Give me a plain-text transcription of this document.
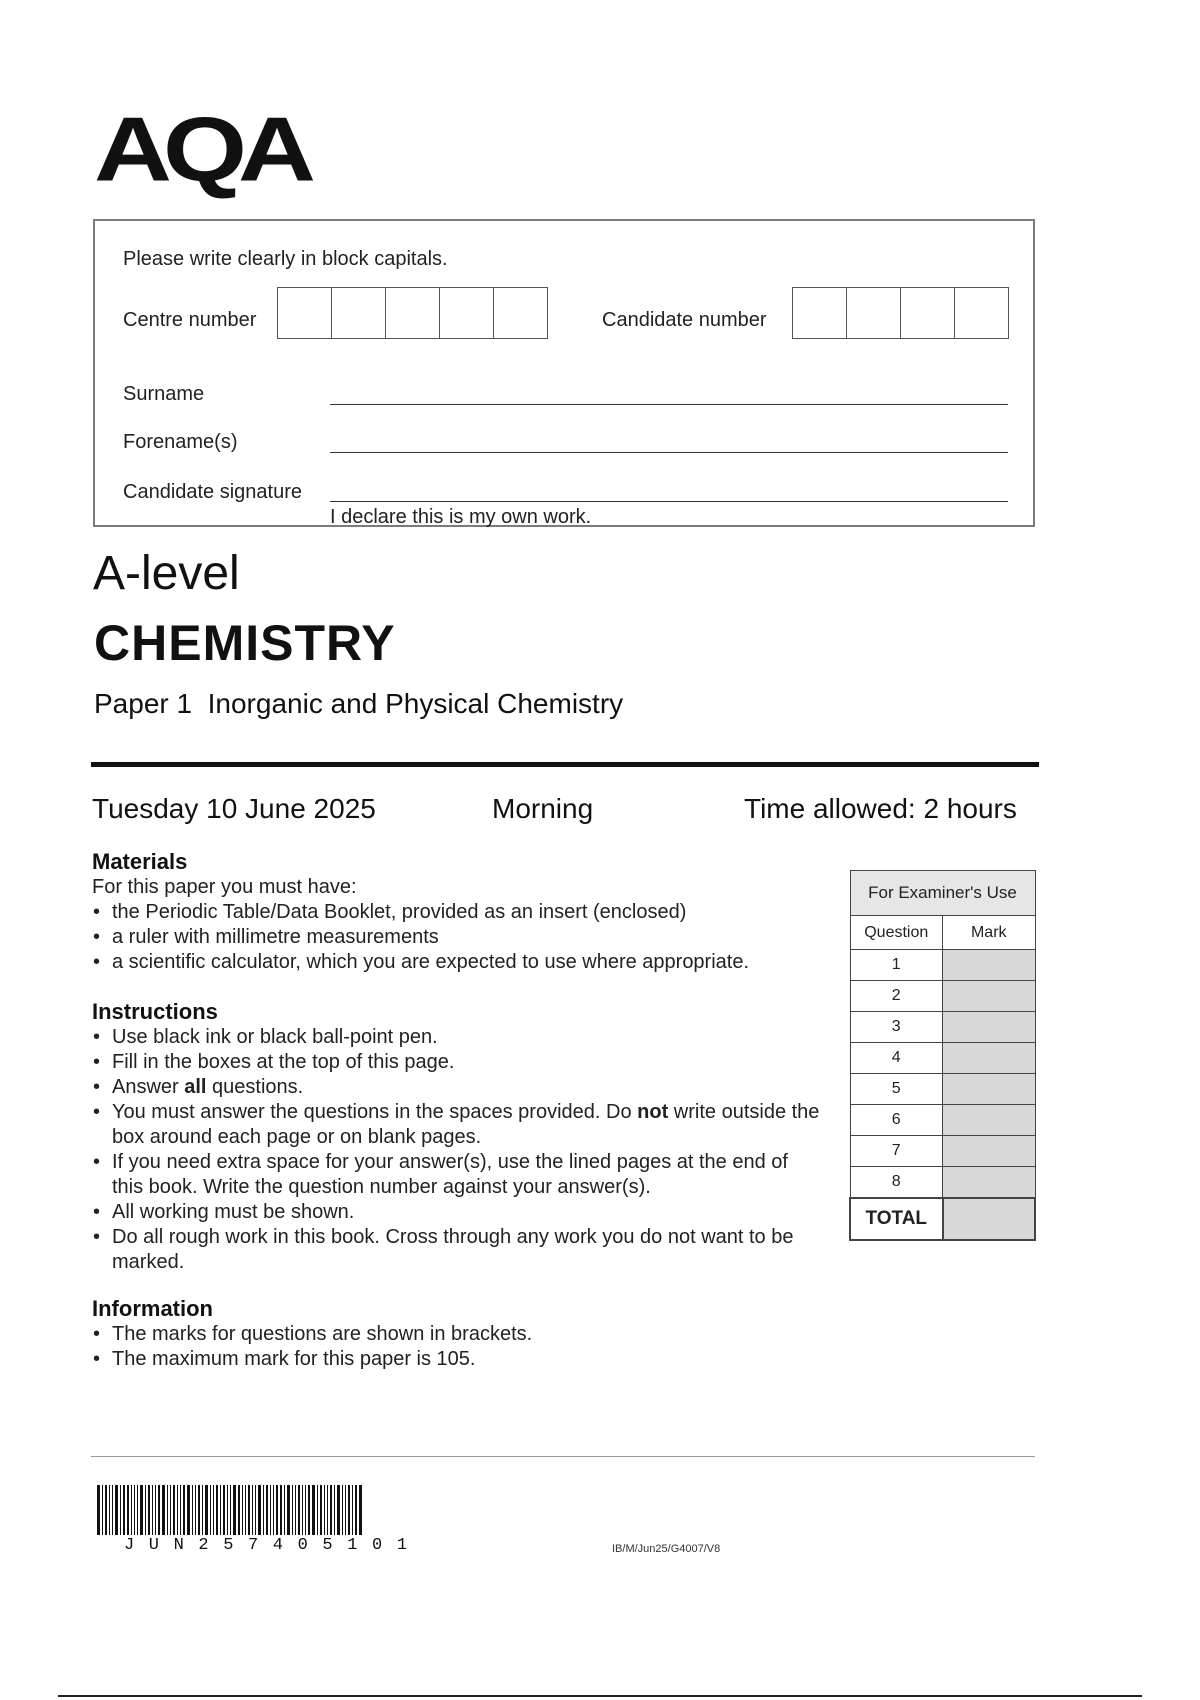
AQA
Please write clearly in block capitals.
Centre number	Candidate number
Surname
Forename(s)
Candidate signature
I declare this is my own work.
A-level
CHEMISTRY
Paper 1  Inorganic and Physical Chemistry
Tuesday 10 June 2025	Morning	Time allowed: 2 hours
Materials

For this paper you must have:

• the Periodic Table/Data Booklet, provided as an insert (enclosed)
• a ruler with millimetre measurements
• a scientific calculator, which you are expected to use where appropriate.
Instructions
• Use black ink or black ball-point pen.
• Fill in the boxes at the top of this page.
• Answer all questions.
• You must answer the questions in the spaces provided. Do not write outside the box around each page or on blank pages.
• If you need extra space for your answer(s), use the lined pages at the end of this book. Write the question number against your answer(s).
• All working must be shown.
• Do all rough work in this book. Cross through any work you do not want to be marked.
Information
• The marks for questions are shown in brackets.
• The maximum mark for this paper is 105.
For Examiner's Use	
Question	Mark
1	
2	
3	
4	
5	
6	
7	
8	
TOTAL	
JUN257405101	IB/M/Jun25/G4007/V8
